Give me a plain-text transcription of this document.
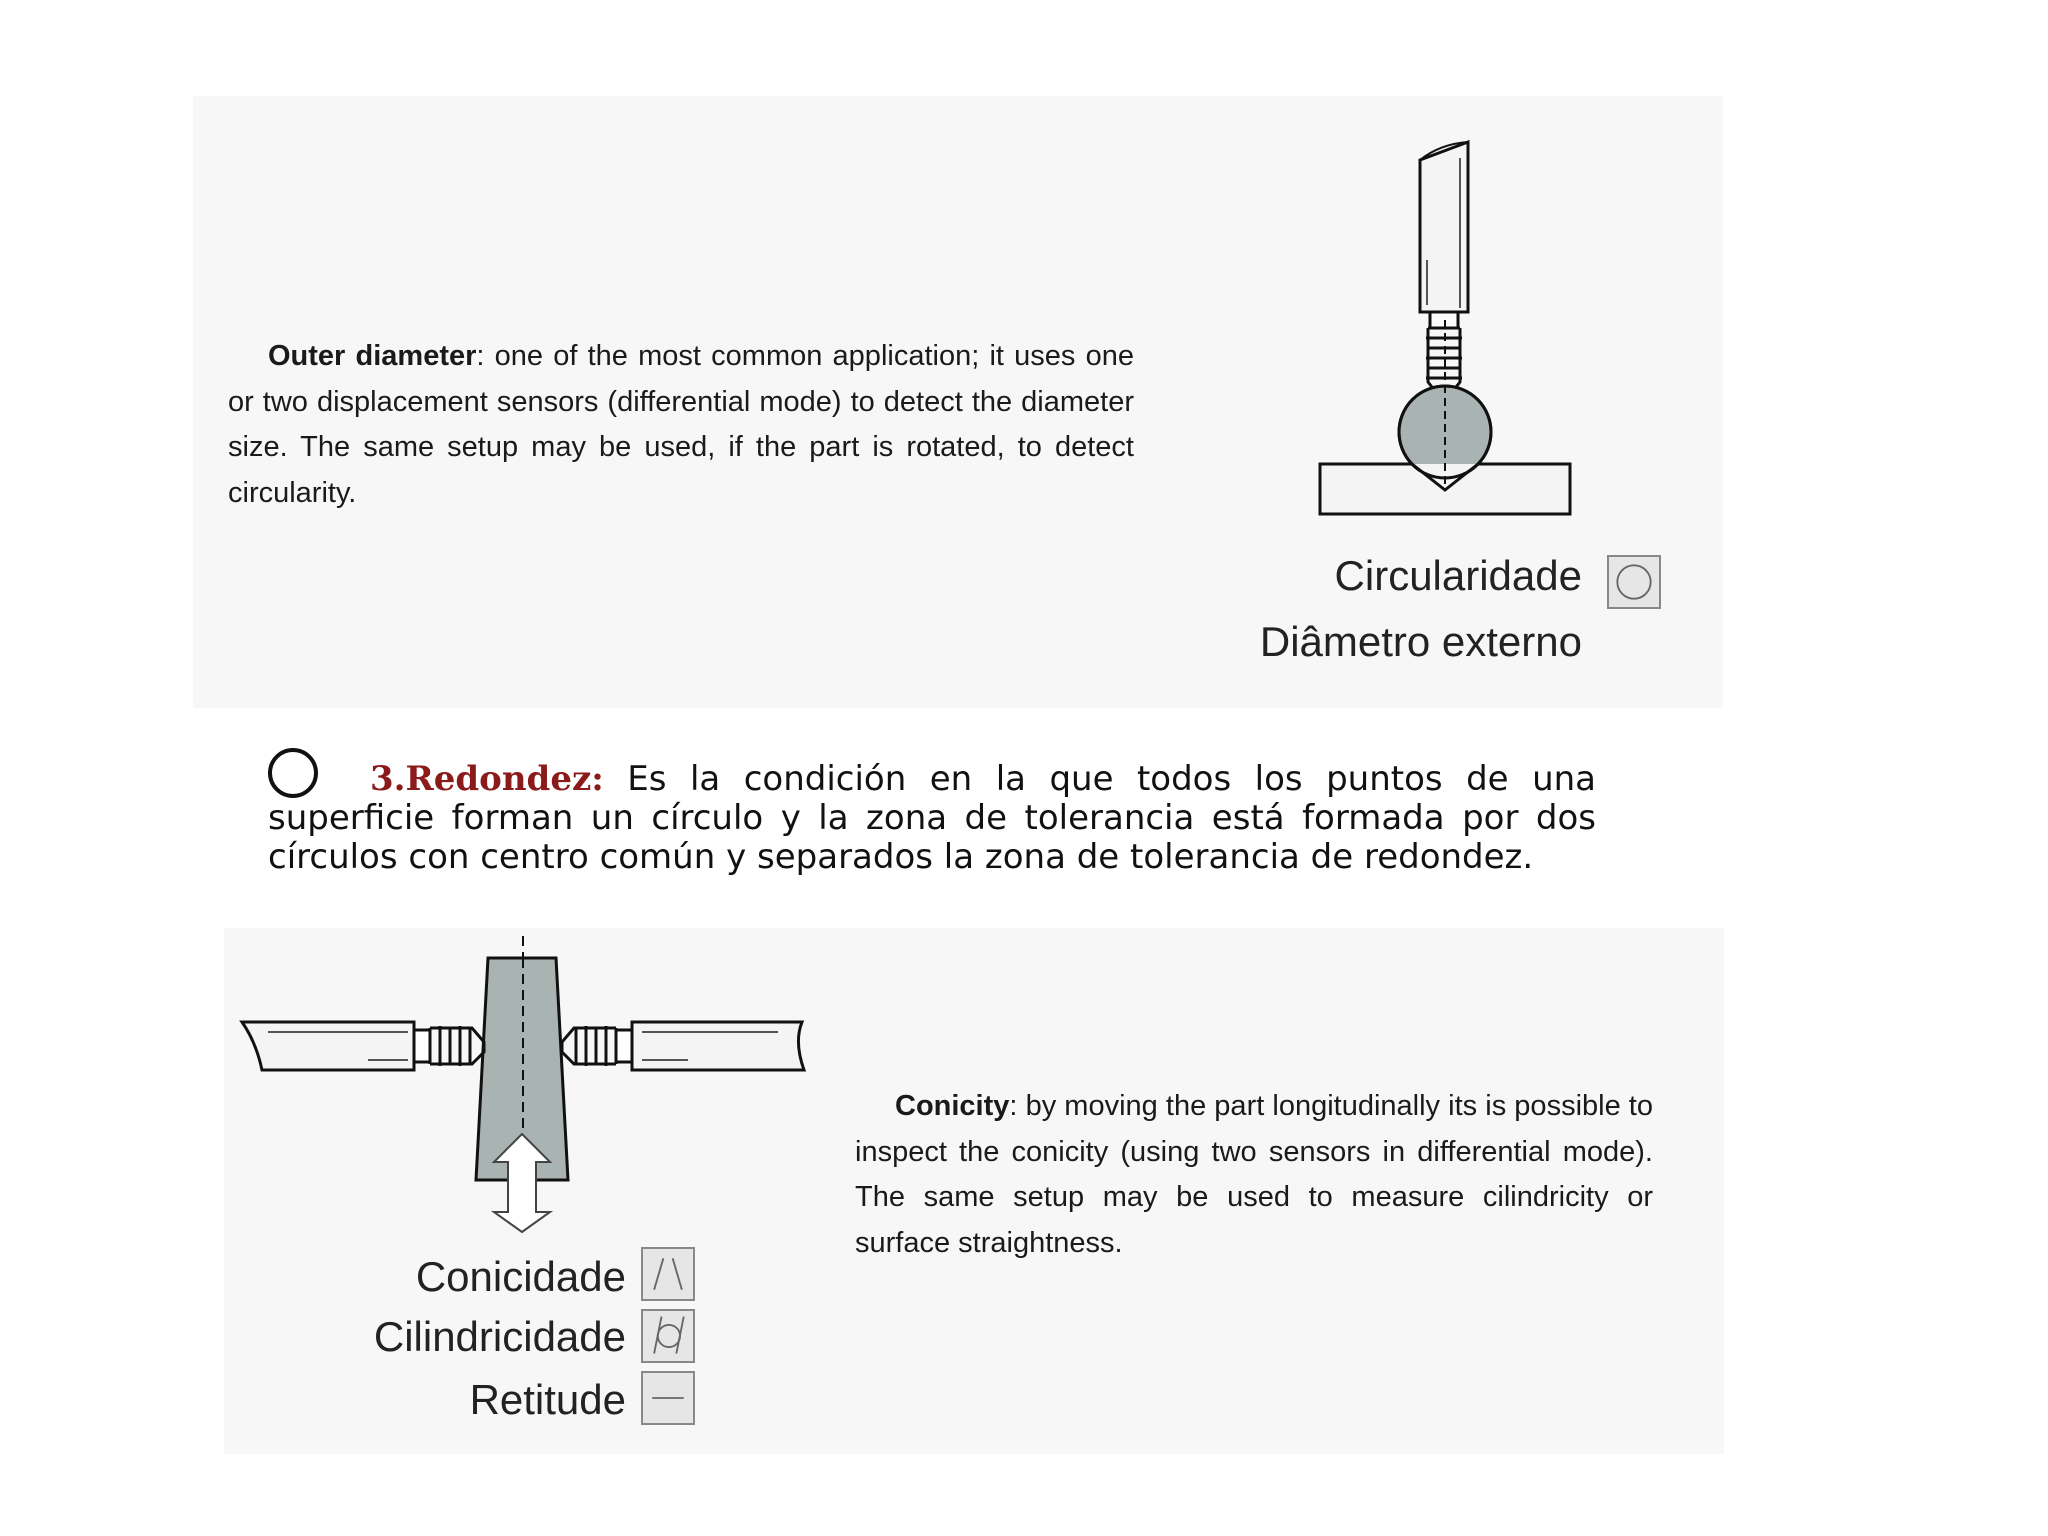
Outer diameter: one of the most common application; it uses one or two displacement sensors (differential mode) to detect the diameter size. The same setup may be used, if the part is rotated, to detect circularity.

Circularidade
Diâmetro externo

3.Redondez: Es la condición en la que todos los puntos de una superficie forman un círculo y la zona de tolerancia está formada por dos círculos con centro común y separados la zona de tolerancia de redondez.

Conicidade
Cilindricidade
Retitude

Conicity: by moving the part longitudinally its is possible to inspect the conicity (using two sensors in differential mode). The same setup may be used to measure cilindricity or surface straightness.
